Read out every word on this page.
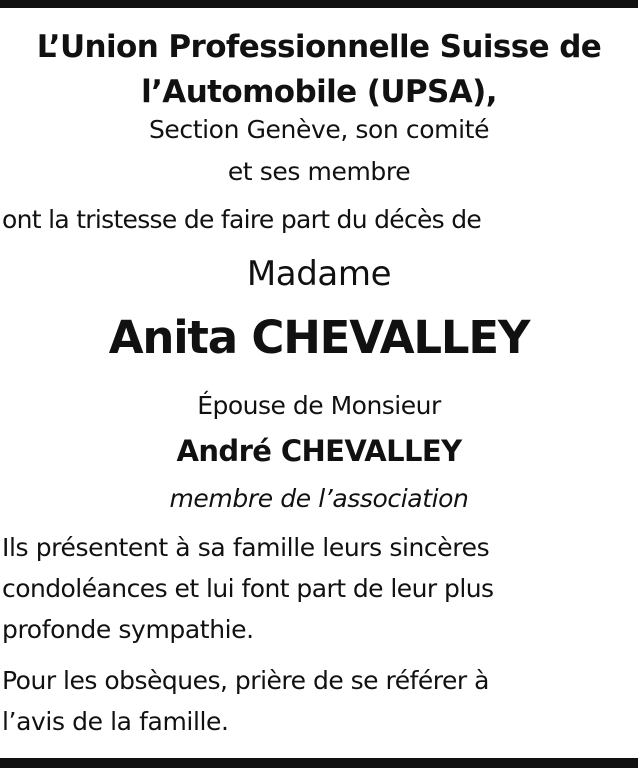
L’Union Professionnelle Suisse de
l’Automobile (UPSA),
Section Genève, son comité
et ses membre
ont la tristesse de faire part du décès de
Madame
Anita CHEVALLEY
Épouse de Monsieur
André CHEVALLEY
membre de l’association
Ils présentent à sa famille leurs sincères
condoléances et lui font part de leur plus
profonde sympathie.
Pour les obsèques, prière de se référer à
l’avis de la famille.
